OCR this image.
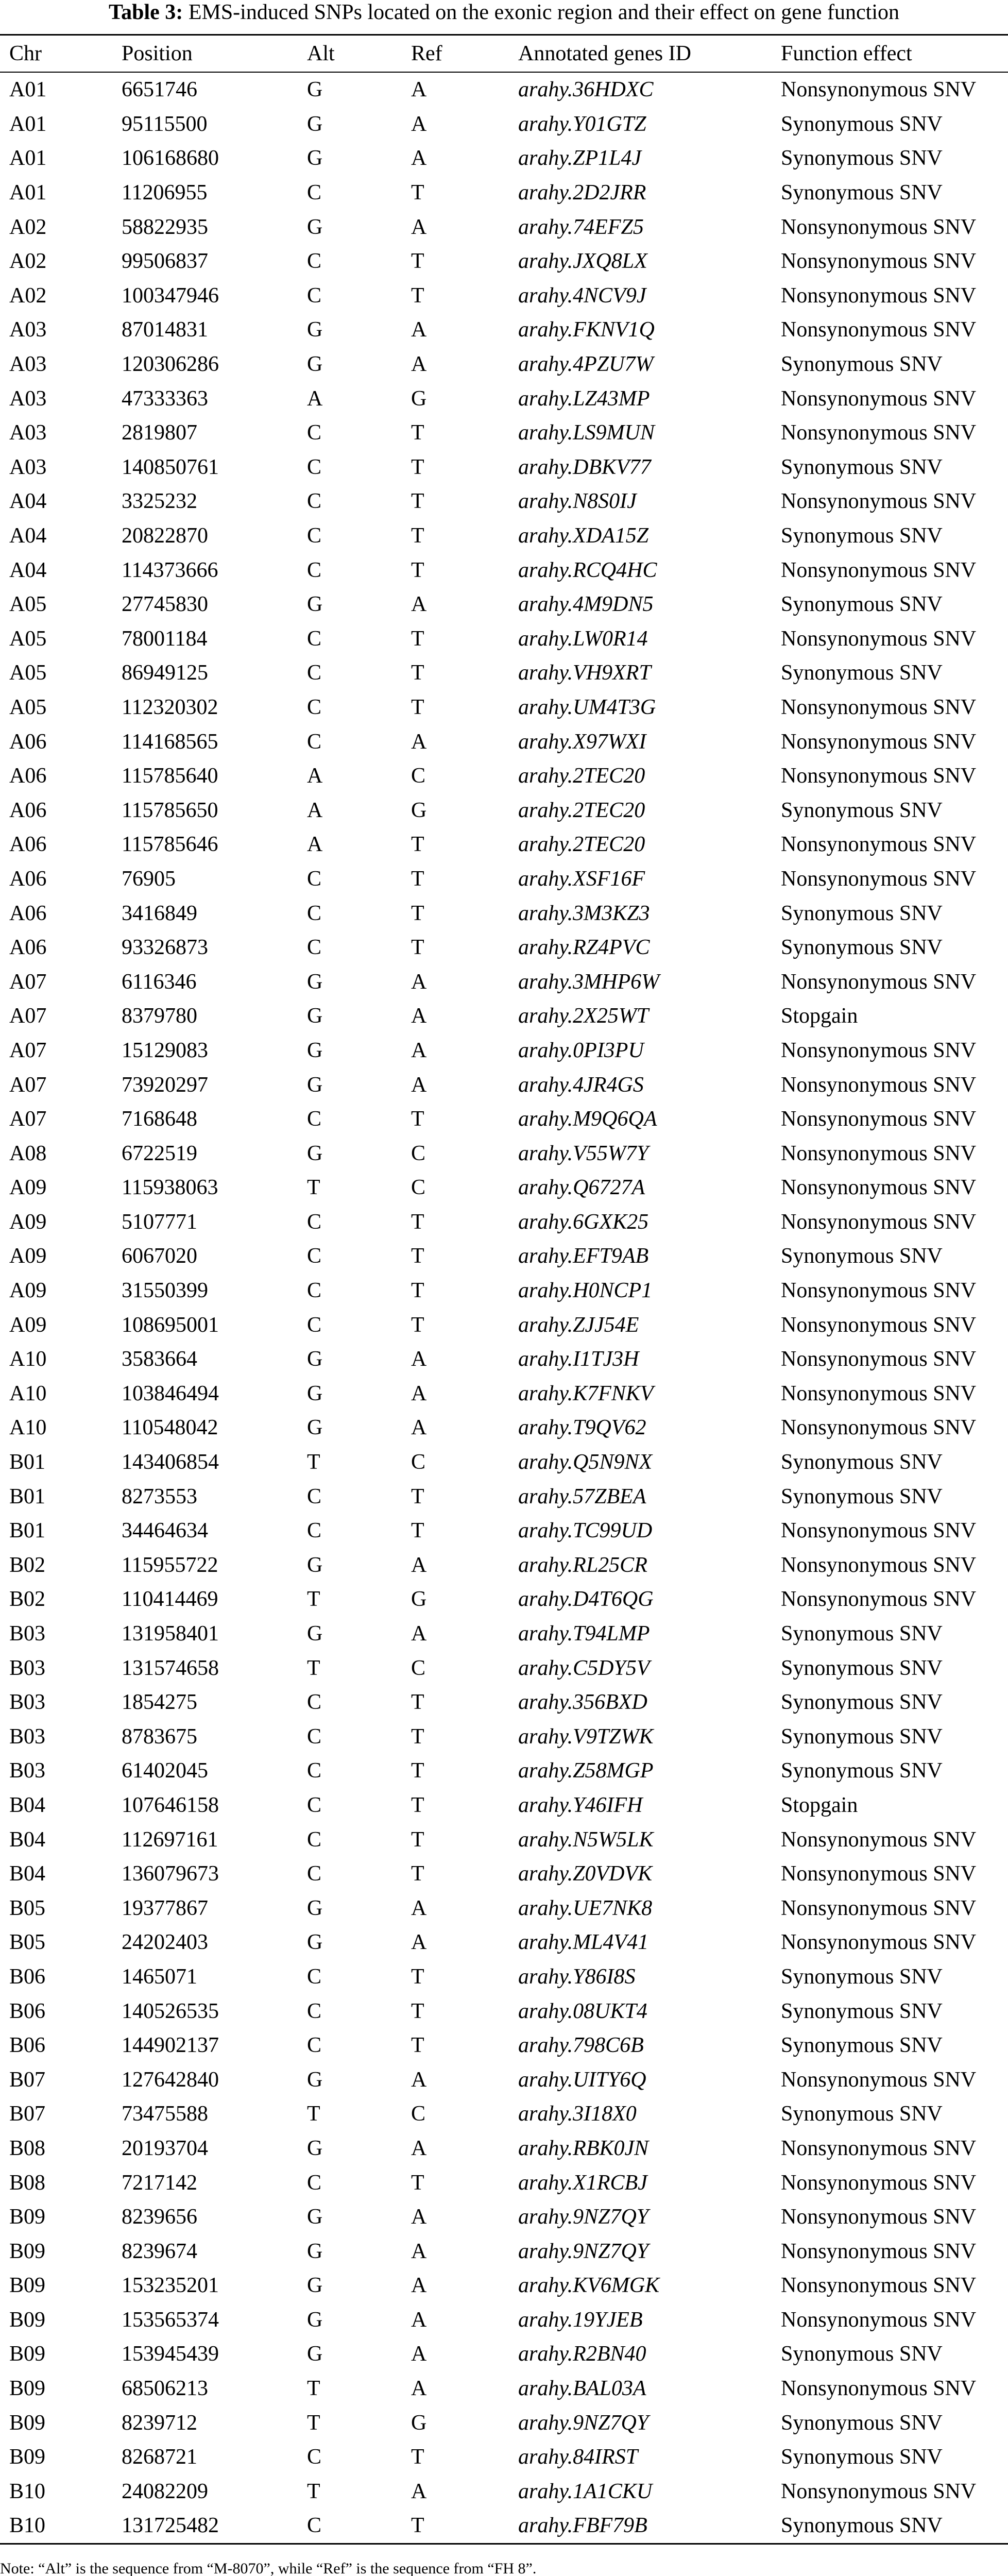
Table 3: EMS-induced SNPs located on the exonic region and their effect on gene function
Chr	Position	Alt	Ref	Annotated genes ID	Function effect
A01	6651746	G	A	arahy.36HDXC	Nonsynonymous SNV
A01	95115500	G	A	arahy.Y01GTZ	Synonymous SNV
A01	106168680	G	A	arahy.ZP1L4J	Synonymous SNV
A01	11206955	C	T	arahy.2D2JRR	Synonymous SNV
A02	58822935	G	A	arahy.74EFZ5	Nonsynonymous SNV
A02	99506837	C	T	arahy.JXQ8LX	Nonsynonymous SNV
A02	100347946	C	T	arahy.4NCV9J	Nonsynonymous SNV
A03	87014831	G	A	arahy.FKNV1Q	Nonsynonymous SNV
A03	120306286	G	A	arahy.4PZU7W	Synonymous SNV
A03	47333363	A	G	arahy.LZ43MP	Nonsynonymous SNV
A03	2819807	C	T	arahy.LS9MUN	Nonsynonymous SNV
A03	140850761	C	T	arahy.DBKV77	Synonymous SNV
A04	3325232	C	T	arahy.N8S0IJ	Nonsynonymous SNV
A04	20822870	C	T	arahy.XDA15Z	Synonymous SNV
A04	114373666	C	T	arahy.RCQ4HC	Nonsynonymous SNV
A05	27745830	G	A	arahy.4M9DN5	Synonymous SNV
A05	78001184	C	T	arahy.LW0R14	Nonsynonymous SNV
A05	86949125	C	T	arahy.VH9XRT	Synonymous SNV
A05	112320302	C	T	arahy.UM4T3G	Nonsynonymous SNV
A06	114168565	C	A	arahy.X97WXI	Nonsynonymous SNV
A06	115785640	A	C	arahy.2TEC20	Nonsynonymous SNV
A06	115785650	A	G	arahy.2TEC20	Synonymous SNV
A06	115785646	A	T	arahy.2TEC20	Nonsynonymous SNV
A06	76905	C	T	arahy.XSF16F	Nonsynonymous SNV
A06	3416849	C	T	arahy.3M3KZ3	Synonymous SNV
A06	93326873	C	T	arahy.RZ4PVC	Synonymous SNV
A07	6116346	G	A	arahy.3MHP6W	Nonsynonymous SNV
A07	8379780	G	A	arahy.2X25WT	Stopgain
A07	15129083	G	A	arahy.0PI3PU	Nonsynonymous SNV
A07	73920297	G	A	arahy.4JR4GS	Nonsynonymous SNV
A07	7168648	C	T	arahy.M9Q6QA	Nonsynonymous SNV
A08	6722519	G	C	arahy.V55W7Y	Nonsynonymous SNV
A09	115938063	T	C	arahy.Q6727A	Nonsynonymous SNV
A09	5107771	C	T	arahy.6GXK25	Nonsynonymous SNV
A09	6067020	C	T	arahy.EFT9AB	Synonymous SNV
A09	31550399	C	T	arahy.H0NCP1	Nonsynonymous SNV
A09	108695001	C	T	arahy.ZJJ54E	Nonsynonymous SNV
A10	3583664	G	A	arahy.I1TJ3H	Nonsynonymous SNV
A10	103846494	G	A	arahy.K7FNKV	Nonsynonymous SNV
A10	110548042	G	A	arahy.T9QV62	Nonsynonymous SNV
B01	143406854	T	C	arahy.Q5N9NX	Synonymous SNV
B01	8273553	C	T	arahy.57ZBEA	Synonymous SNV
B01	34464634	C	T	arahy.TC99UD	Nonsynonymous SNV
B02	115955722	G	A	arahy.RL25CR	Nonsynonymous SNV
B02	110414469	T	G	arahy.D4T6QG	Nonsynonymous SNV
B03	131958401	G	A	arahy.T94LMP	Synonymous SNV
B03	131574658	T	C	arahy.C5DY5V	Synonymous SNV
B03	1854275	C	T	arahy.356BXD	Synonymous SNV
B03	8783675	C	T	arahy.V9TZWK	Synonymous SNV
B03	61402045	C	T	arahy.Z58MGP	Synonymous SNV
B04	107646158	C	T	arahy.Y46IFH	Stopgain
B04	112697161	C	T	arahy.N5W5LK	Nonsynonymous SNV
B04	136079673	C	T	arahy.Z0VDVK	Nonsynonymous SNV
B05	19377867	G	A	arahy.UE7NK8	Nonsynonymous SNV
B05	24202403	G	A	arahy.ML4V41	Nonsynonymous SNV
B06	1465071	C	T	arahy.Y86I8S	Synonymous SNV
B06	140526535	C	T	arahy.08UKT4	Synonymous SNV
B06	144902137	C	T	arahy.798C6B	Synonymous SNV
B07	127642840	G	A	arahy.UITY6Q	Nonsynonymous SNV
B07	73475588	T	C	arahy.3I18X0	Synonymous SNV
B08	20193704	G	A	arahy.RBK0JN	Nonsynonymous SNV
B08	7217142	C	T	arahy.X1RCBJ	Nonsynonymous SNV
B09	8239656	G	A	arahy.9NZ7QY	Nonsynonymous SNV
B09	8239674	G	A	arahy.9NZ7QY	Nonsynonymous SNV
B09	153235201	G	A	arahy.KV6MGK	Nonsynonymous SNV
B09	153565374	G	A	arahy.19YJEB	Nonsynonymous SNV
B09	153945439	G	A	arahy.R2BN40	Synonymous SNV
B09	68506213	T	A	arahy.BAL03A	Nonsynonymous SNV
B09	8239712	T	G	arahy.9NZ7QY	Synonymous SNV
B09	8268721	C	T	arahy.84IRST	Synonymous SNV
B10	24082209	T	A	arahy.1A1CKU	Nonsynonymous SNV
B10	131725482	C	T	arahy.FBF79B	Synonymous SNV
Note: “Alt” is the sequence from “M-8070”, while “Ref” is the sequence from “FH 8”.
